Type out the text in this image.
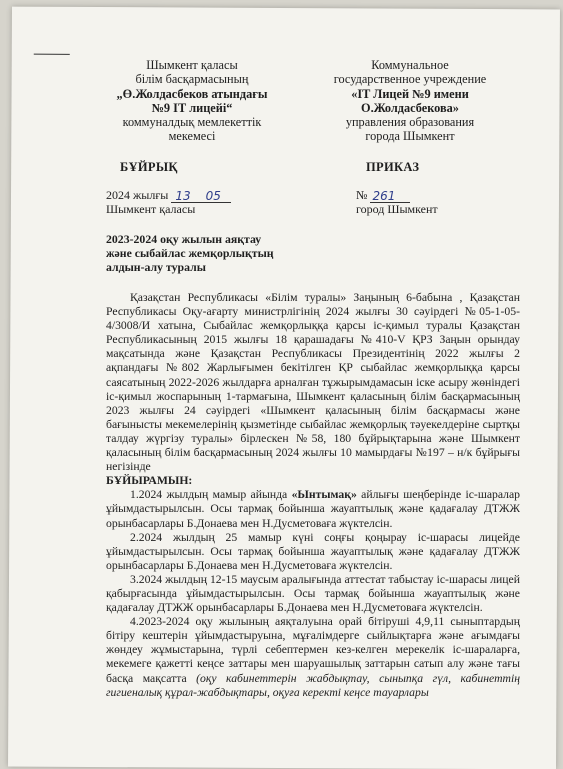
Шымкент қаласы
білім басқармасының
„Ө.Жолдасбеков атындағы
№9 ІТ лицейі“
коммуналдық мемлекеттік
мекемесі
Коммунальное
государственное учреждение
«IT Лицей №9 имени
О.Жолдасбекова»
управления образования
города Шымкент
БҰЙРЫҚ	ПРИКАЗ
2024 жылғы 13 05	№ 261
Шымкент қаласы	город Шымкент
2023-2024 оқу жылын аяқтау
және сыбайлас жемқорлықтың
алдын-алу туралы

Қазақстан Республикасы «Білім туралы» Заңының 6-бабына , Қазақстан Республикасы Оқу-ағарту министрлігінің 2024 жылғы 30 сәуірдегі №05-1-05-4/3008/И хатына, Сыбайлас жемқорлыққа қарсы іс-қимыл туралы Қазақстан Республикасының 2015 жылғы 18 қарашадағы №410-V ҚРЗ Заңын орындау мақсатында және Қазақстан Республикасы Президентінің 2022 жылғы 2 ақпандағы №802 Жарлығымен бекітілген ҚР сыбайлас жемқорлыққа қарсы саясатының 2022-2026 жылдарға арналған тұжырымдамасын іске асыру жөніндегі іс-қимыл жоспарының 1-тармағына, Шымкент қаласының білім басқармасының 2023 жылғы 24 сәуірдегі «Шымкент қаласының білім басқармасы және бағынысты мекемелерінің қызметінде сыбайлас жемқорлық тәуекелдеріне сыртқы талдау жүргізу туралы» бірлескен №58, 180 бұйрықтарына және Шымкент қаласының білім басқармасының 2024 жылғы 10 мамырдағы №197 – н/к бұйрығы негізінде

БҰЙЫРАМЫН:

1.2024 жылдың мамыр айында «Ынтымақ» айлығы шеңберінде іс-шаралар ұйымдастырылсын. Осы тармақ бойынша жауаптылық және қадағалау ДТЖЖ орынбасарлары Б.Донаева мен Н.Дусметоваға жүктелсін.

2.2024 жылдың 25 мамыр күні соңғы қоңырау іс-шарасы лицейде ұйымдастырылсын. Осы тармақ бойынша жауаптылық және қадағалау ДТЖЖ орынбасарлары Б.Донаева мен Н.Дусметоваға жүктелсін.

3.2024 жылдың 12-15 маусым аралығында аттестат табыстау іс-шарасы лицей қабырғасында ұйымдастырылсын. Осы тармақ бойынша жауаптылық және қадағалау ДТЖЖ орынбасарлары Б.Донаева мен Н.Дусметоваға жүктелсін.

4.2023-2024 оқу жылының аяқталуына орай бітіруші 4,9,11 сыныптардың бітіру кештерін ұйымдастыруына, мұғалімдерге сыйлықтарға және ағымдағы жөндеу жұмыстарына, түрлі себептермен кез-келген мерекелік іс-шараларға, мекемеге қажетті кеңсе заттары мен шаруашылық заттарын сатып алу және тағы басқа мақсатта (оқу кабинеттерін жабдықтау, сыныпқа гүл, кабинеттің гигиеналық құрал-жабдықтары, оқуға керекті кеңсе тауарлары
